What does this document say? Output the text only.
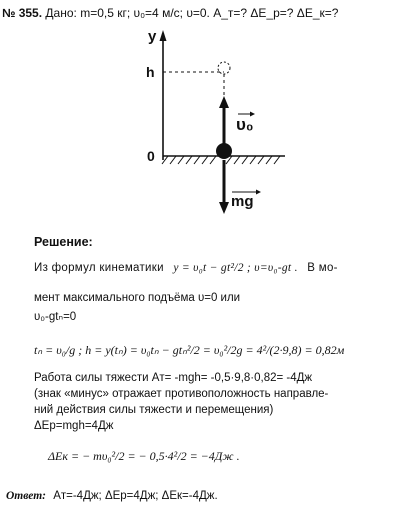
№ 355. Дано: m=0,5 кг; υ₀=4 м/с; υ=0. A_т=? ΔE_p=? ΔE_к=?
y
h
0
υ₀
mg
Решение:
Из формул кинематики y = υ₀t − gt²/2 ; υ=υ₀-gt . В мо-
мент максимального подъёма υ=0 или
υ₀-gtₙ=0
tₙ = υ₀/g ; h = y(tₙ) = υ₀tₙ − gtₙ²/2 = υ₀²/2g = 4²/(2·9,8) = 0,82м
Работа силы тяжести Aт= -mgh= -0,5·9,8·0,82= -4Дж
(знак «минус» отражает противоположность направле-
ний действия силы тяжести и перемещения)
ΔEp=mgh=4Дж
ΔEк = − mυ₀²/2 = − 0,5·4²/2 = −4Дж .
Ответ: Aт=-4Дж; ΔEp=4Дж; ΔEк=-4Дж.
